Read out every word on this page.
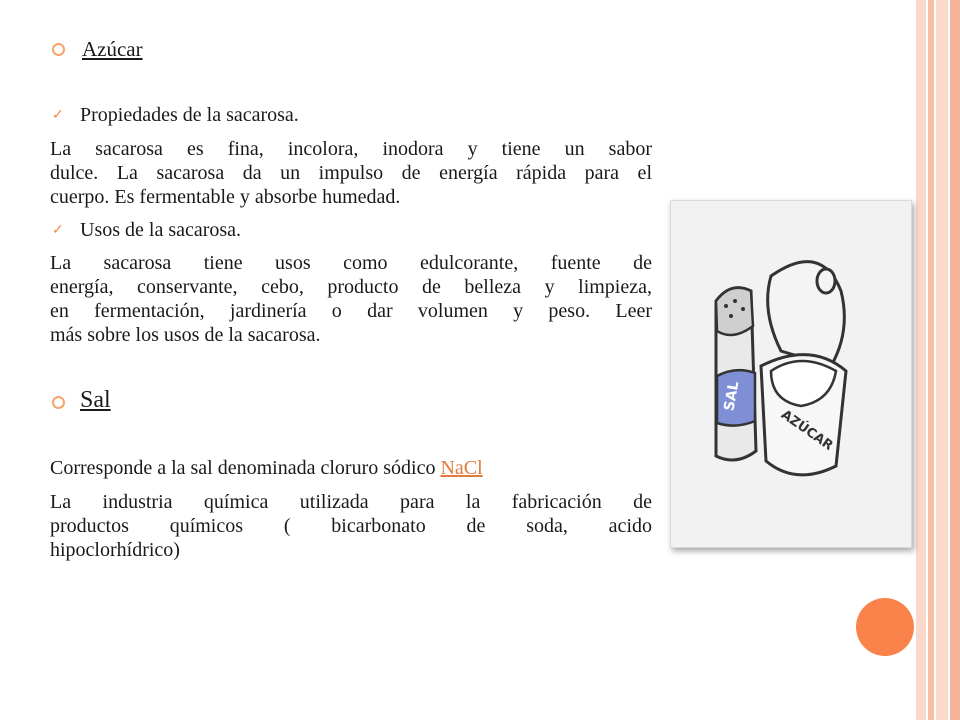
Azúcar
✓ Propiedades de la sacarosa.
La sacarosa es fina, incolora, inodora y tiene un sabor
dulce. La sacarosa da un impulso de energía rápida para el
cuerpo. Es fermentable y absorbe humedad.
✓ Usos de la sacarosa.
La sacarosa tiene usos como edulcorante, fuente de
energía, conservante, cebo, producto de belleza y limpieza,
en fermentación, jardinería o dar volumen y peso. Leer
más sobre los usos de la sacarosa.
Sal
Corresponde a la sal denominada cloruro sódico NaCl
La industria química utilizada para la fabricación de
productos químicos ( bicarbonato de soda, acido
hipoclorhídrico)
SAL
AZÚCAR
